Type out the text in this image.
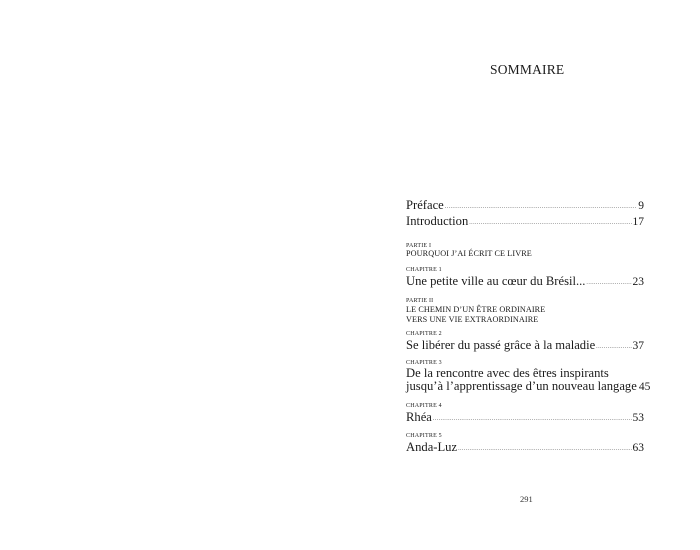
SOMMAIRE
Préface .....	9
Introduction .....	17
PARTIE I
POURQUOI J’AI ÉCRIT CE LIVRE
CHAPITRE 1
Une petite ville au cœur du Brésil... .....	23
PARTIE II
LE CHEMIN D’UN ÊTRE ORDINAIRE
VERS UNE VIE EXTRAORDINAIRE
CHAPITRE 2
Se libérer du passé grâce à la maladie .....	37
CHAPITRE 3
De la rencontre avec des êtres inspirants
jusqu’à l’apprentissage d’un nouveau langage 45
CHAPITRE 4
Rhéa .....	53
CHAPITRE 5
Anda-Luz .....	63
291
